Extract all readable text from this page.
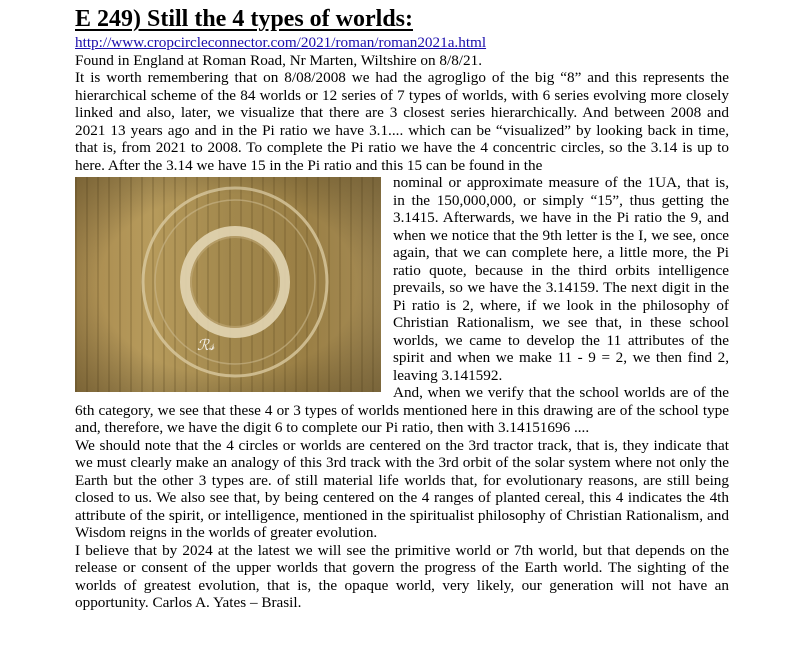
E 249) Still the 4 types of worlds:
http://www.cropcircleconnector.com/2021/roman/roman2021a.html

Found in England at Roman Road, Nr Marten, Wiltshire on 8/8/21.

It is worth remembering that on 8/08/2008 we had the agrogligo of the big “8” and this represents the hierarchical scheme of the 84 worlds or 12 series of 7 types of worlds, with 6 series evolving more closely linked and also, later, we visualize that there are 3 closest series hierarchically. And between 2008 and 2021 13 years ago and in the Pi ratio we have 3.1.... which can be “visualized” by looking back in time, that is, from 2021 to 2008. To complete the Pi ratio we have the 4 concentric circles, so the 3.14 is up to here. After the 3.14 we have 15 in the Pi ratio and this 15 can be found in the

ℛ𝓈

nominal or approximate measure of the 1UA, that is, in the 150,000,000, or simply “15”, thus getting the 3.1415. Afterwards, we have in the Pi ratio the 9, and when we notice that the 9th letter is the I, we see, once again, that we can complete here, a little more, the Pi ratio quote, because in the third orbits intelligence prevails, so we have the 3.14159. The next digit in the Pi ratio is 2, where, if we look in the philosophy of Christian Rationalism, we see that, in these school worlds, we came to develop the 11 attributes of the spirit and when we make 11 - 9 = 2, we then find 2, leaving 3.141592.

And, when we verify that the school worlds are of the 6th category, we see that these 4 or 3 types of worlds mentioned here in this drawing are of the school type and, therefore, we have the digit 6 to complete our Pi ratio, then with 3.14151696 ....

We should note that the 4 circles or worlds are centered on the 3rd tractor track, that is, they indicate that we must clearly make an analogy of this 3rd track with the 3rd orbit of the solar system where not only the Earth but the other 3 types are. of still material life worlds that, for evolutionary reasons, are still being closed to us. We also see that, by being centered on the 4 ranges of planted cereal, this 4 indicates the 4th attribute of the spirit, or intelligence, mentioned in the spiritualist philosophy of Christian Rationalism, and Wisdom reigns in the worlds of greater evolution.

I believe that by 2024 at the latest we will see the primitive world or 7th world, but that depends on the release or consent of the upper worlds that govern the progress of the Earth world. The sighting of the worlds of greatest evolution, that is, the opaque world, very likely, our generation will not have an opportunity. Carlos A. Yates – Brasil.
